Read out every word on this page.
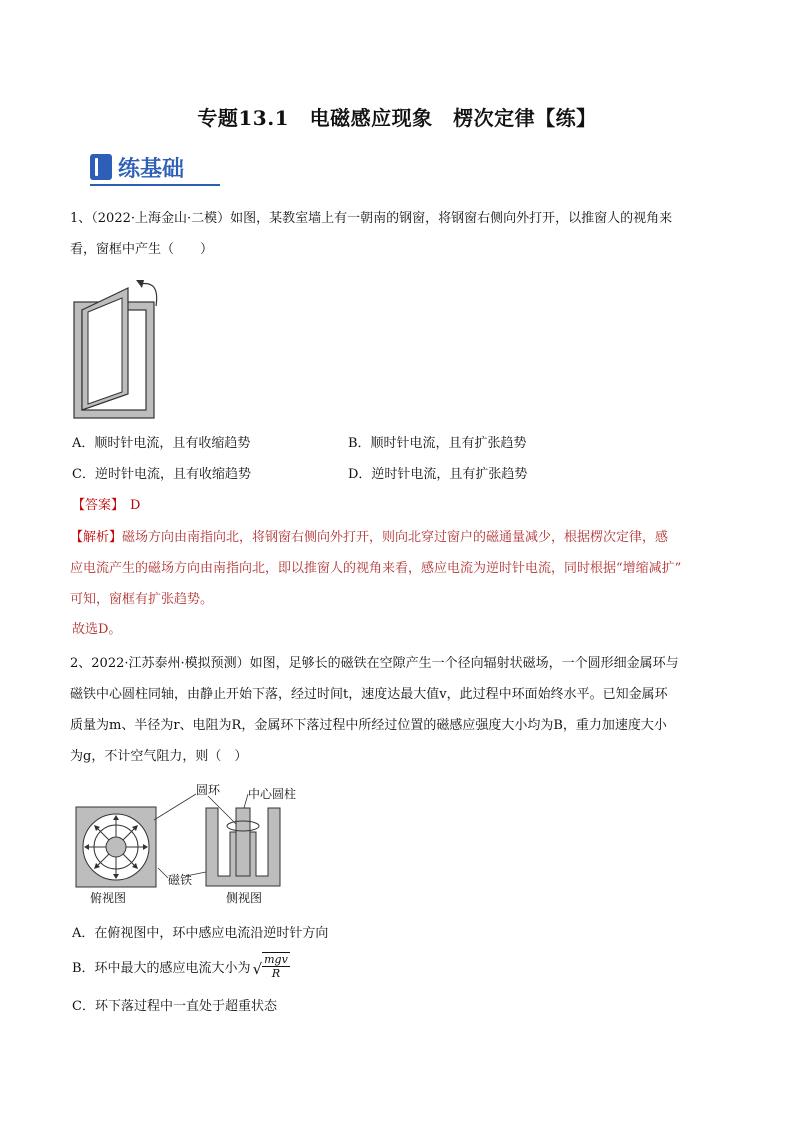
专题13.1　电磁感应现象　楞次定律【练】
练基础
1、（2022·上海金山·二模）如图，某教室墙上有一朝南的钢窗，将钢窗右侧向外打开，以推窗人的视角来
看，窗框中产生（　　）
A．顺时针电流，且有收缩趋势	B．顺时针电流，且有扩张趋势
C．逆时针电流，且有收缩趋势	D．逆时针电流，且有扩张趋势
【答案】 D
【解析】磁场方向由南指向北，将钢窗右侧向外打开，则向北穿过窗户的磁通量减少，根据楞次定律，感
应电流产生的磁场方向由南指向北，即以推窗人的视角来看，感应电流为逆时针电流，同时根据“增缩减扩”
可知，窗框有扩张趋势。
故选D。
2、2022·江苏泰州·模拟预测）如图，足够长的磁铁在空隙产生一个径向辐射状磁场，一个圆形细金属环与
磁铁中心圆柱同轴，由静止开始下落，经过时间t，速度达最大值v，此过程中环面始终水平。已知金属环
质量为m、半径为r、电阻为R，金属环下落过程中所经过位置的磁感应强度大小均为B，重力加速度大小
为g，不计空气阻力，则（　）
圆环 中心圆柱
磁铁
俯视图	侧视图
A．在俯视图中，环中感应电流沿逆时针方向
B．环中最大的感应电流大小为 √
mgv
R
C．环下落过程中一直处于超重状态
